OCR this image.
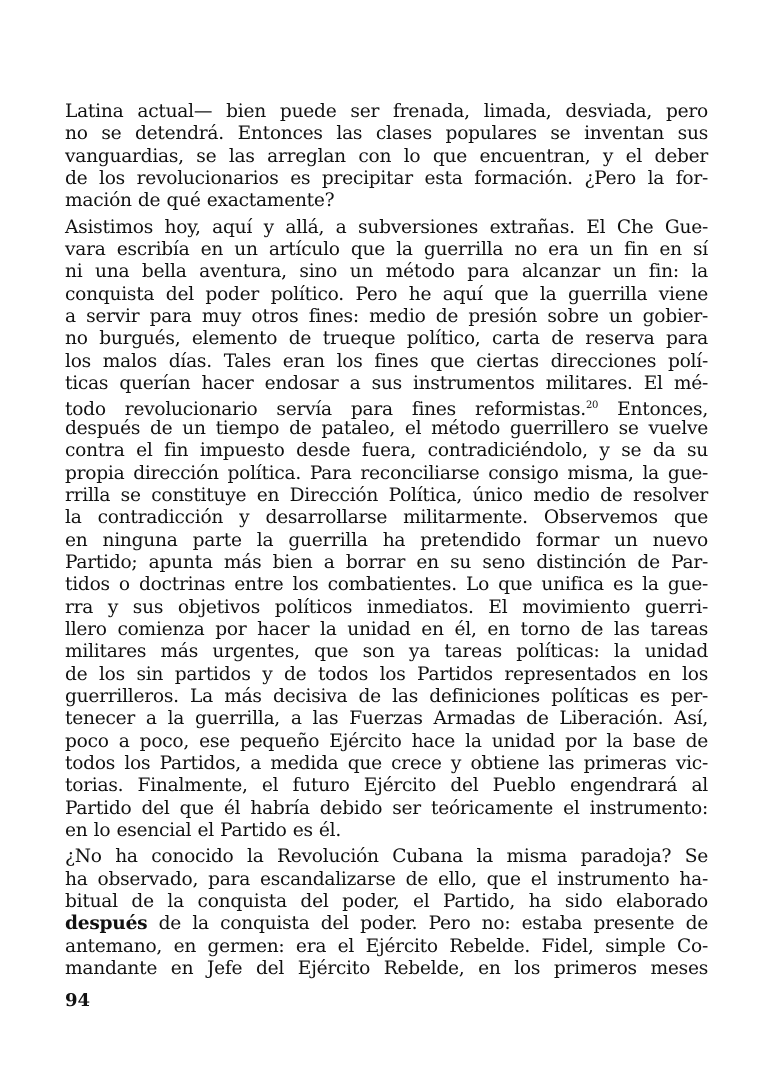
Latina actual— bien puede ser frenada, limada, desviada, pero
no se detendrá. Entonces las clases populares se inventan sus
vanguardias, se las arreglan con lo que encuentran, y el deber
de los revolucionarios es precipitar esta formación. ¿Pero la for-
mación de qué exactamente?

Asistimos hoy, aquí y allá, a subversiones extrañas. El Che Gue-
vara escribía en un artículo que la guerrilla no era un fin en sí
ni una bella aventura, sino un método para alcanzar un fin: la
conquista del poder político. Pero he aquí que la guerrilla viene
a servir para muy otros fines: medio de presión sobre un gobier-
no burgués, elemento de trueque político, carta de reserva para
los malos días. Tales eran los fines que ciertas direcciones polí-
ticas querían hacer endosar a sus instrumentos militares. El mé-
todo revolucionario servía para fines reformistas.$^{20}$ Entonces,
después de un tiempo de pataleo, el método guerrillero se vuelve
contra el fin impuesto desde fuera, contradiciéndolo, y se da su
propia dirección política. Para reconciliarse consigo misma, la gue-
rrilla se constituye en Dirección Política, único medio de resolver
la contradicción y desarrollarse militarmente. Observemos que
en ninguna parte la guerrilla ha pretendido formar un nuevo
Partido; apunta más bien a borrar en su seno distinción de Par-
tidos o doctrinas entre los combatientes. Lo que unifica es la gue-
rra y sus objetivos políticos inmediatos. El movimiento guerri-
llero comienza por hacer la unidad en él, en torno de las tareas
militares más urgentes, que son ya tareas políticas: la unidad
de los sin partidos y de todos los Partidos representados en los
guerrilleros. La más decisiva de las definiciones políticas es per-
tenecer a la guerrilla, a las Fuerzas Armadas de Liberación. Así,
poco a poco, ese pequeño Ejército hace la unidad por la base de
todos los Partidos, a medida que crece y obtiene las primeras vic-
torias. Finalmente, el futuro Ejército del Pueblo engendrará al
Partido del que él habría debido ser teóricamente el instrumento:
en lo esencial el Partido es él.

¿No ha conocido la Revolución Cubana la misma paradoja? Se
ha observado, para escandalizarse de ello, que el instrumento ha-
bitual de la conquista del poder, el Partido, ha sido elaborado
después de la conquista del poder. Pero no: estaba presente de
antemano, en germen: era el Ejército Rebelde. Fidel, simple Co-
mandante en Jefe del Ejército Rebelde, en los primeros meses

94
